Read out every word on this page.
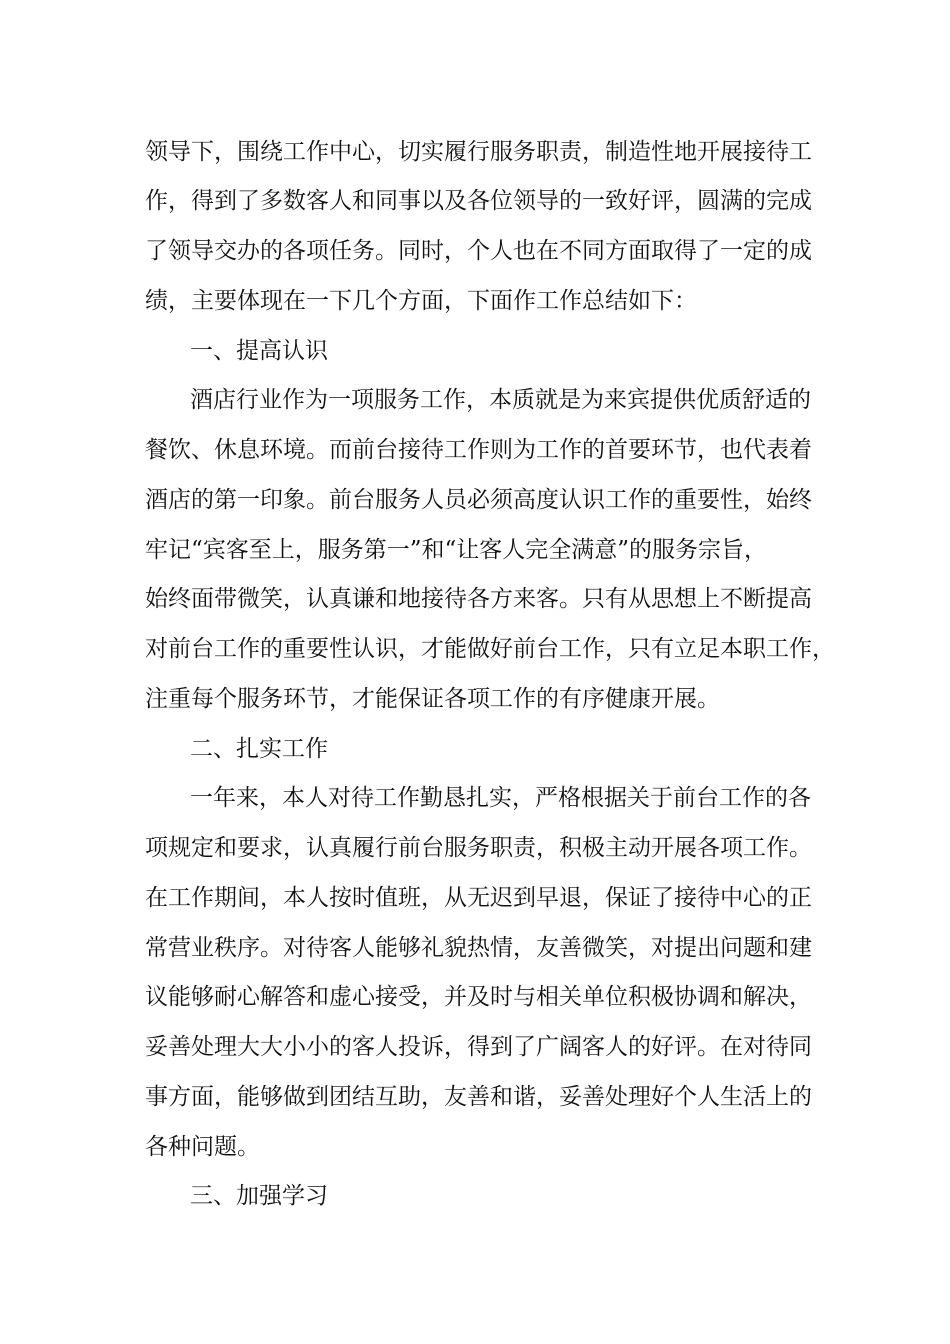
领导下，围绕工作中心，切实履行服务职责，制造性地开展接待工
作，得到了多数客人和同事以及各位领导的一致好评，圆满的完成
了领导交办的各项任务。同时，个人也在不同方面取得了一定的成
绩，主要体现在一下几个方面，下面作工作总结如下：
一、提高认识
酒店行业作为一项服务工作，本质就是为来宾提供优质舒适的
餐饮、休息环境。而前台接待工作则为工作的首要环节，也代表着
酒店的第一印象。前台服务人员必须高度认识工作的重要性，始终
牢记“宾客至上，服务第一”和“让客人完全满意”的服务宗旨，
始终面带微笑，认真谦和地接待各方来客。只有从思想上不断提高
对前台工作的重要性认识，才能做好前台工作，只有立足本职工作，
注重每个服务环节，才能保证各项工作的有序健康开展。
二、扎实工作
一年来，本人对待工作勤恳扎实，严格根据关于前台工作的各
项规定和要求，认真履行前台服务职责，积极主动开展各项工作。
在工作期间，本人按时值班，从无迟到早退，保证了接待中心的正
常营业秩序。对待客人能够礼貌热情，友善微笑，对提出问题和建
议能够耐心解答和虚心接受，并及时与相关单位积极协调和解决，
妥善处理大大小小的客人投诉，得到了广阔客人的好评。在对待同
事方面，能够做到团结互助，友善和谐，妥善处理好个人生活上的
各种问题。
三、加强学习
